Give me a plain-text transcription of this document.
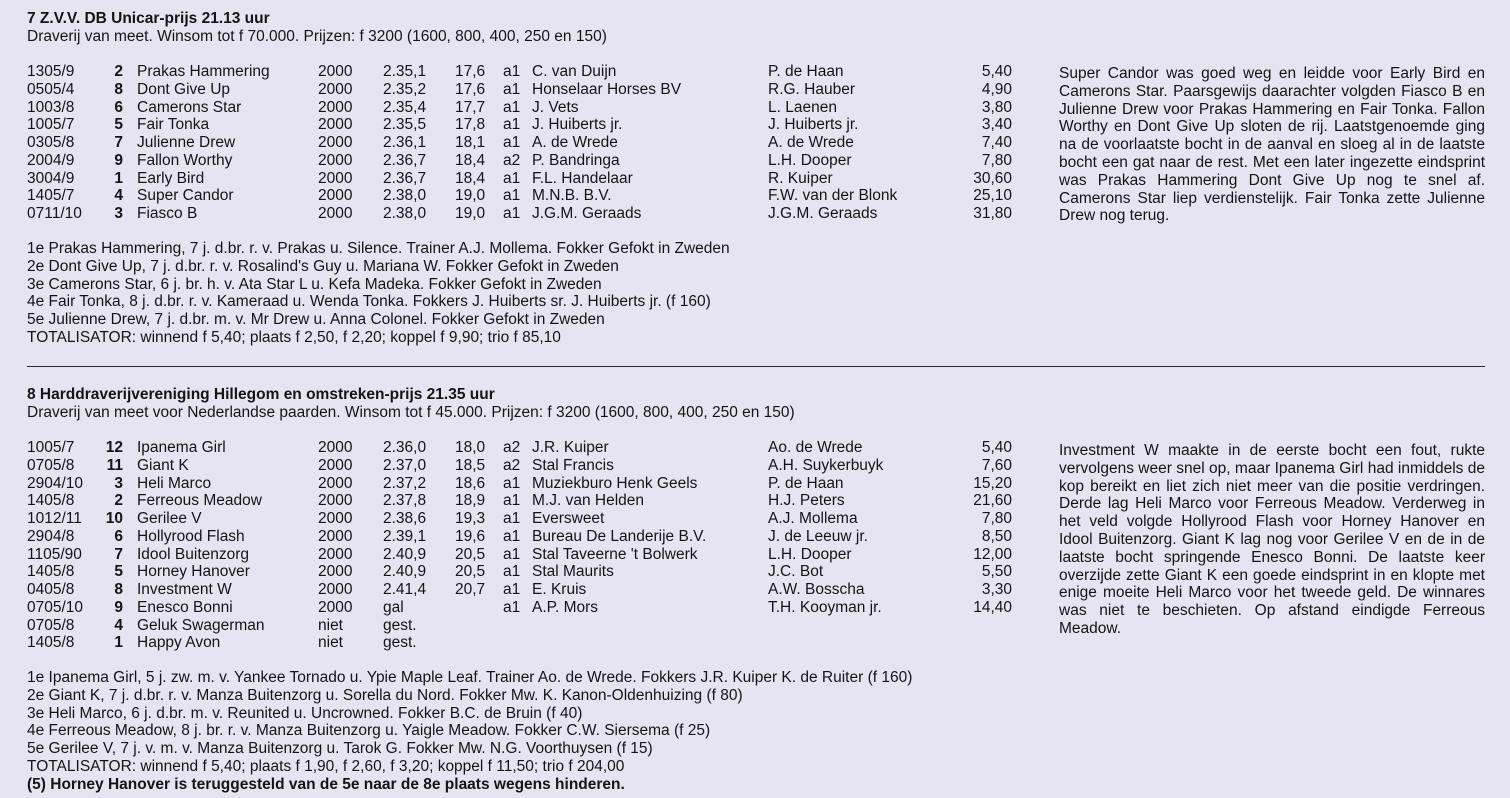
7 Z.V.V. DB Unicar-prijs 21.13 uur
Draverij van meet. Winsom tot f 70.000. Prijzen: f 3200 (1600, 800, 400, 250 en 150)
1305/9	2 Prakas Hammering	2000 2.35,1 17,6 a1 C. van Duijn	P. de Haan	5,40
0505/4	8 Dont Give Up	2000 2.35,2 17,6 a1 Honselaar Horses BV	R.G. Hauber	4,90
1003/8	6 Camerons Star	2000 2.35,4 17,7 a1 J. Vets	L. Laenen	3,80
1005/7	5 Fair Tonka	2000 2.35,5 17,8 a1 J. Huiberts jr.	J. Huiberts jr.	3,40
0305/8	7 Julienne Drew	2000 2.36,1 18,1 a1 A. de Wrede	A. de Wrede	7,40
2004/9	9 Fallon Worthy	2000 2.36,7 18,4 a2 P. Bandringa	L.H. Dooper	7,80
3004/9	1 Early Bird	2000 2.36,7 18,4 a1 F.L. Handelaar	R. Kuiper	30,60
1405/7	4 Super Candor	2000 2.38,0 19,0 a1 M.N.B. B.V.	F.W. van der Blonk	25,10
0711/10	3 Fiasco B	2000 2.38,0 19,0 a1 J.G.M. Geraads	J.G.M. Geraads	31,80
Super Candor was goed weg en leidde voor Early Bird en Camerons Star. Paarsgewijs daarachter volgden Fiasco B en Julienne Drew voor Prakas Hammering en Fair Tonka. Fallon Worthy en Dont Give Up sloten de rij. Laatstgenoemde ging na de voorlaatste bocht in de aanval en sloeg al in de laatste bocht een gat naar de rest. Met een later ingezette eindsprint was Prakas Hammering Dont Give Up nog te snel af. Camerons Star liep verdienstelijk. Fair Tonka zette Julienne Drew nog terug.
1e Prakas Hammering, 7 j. d.br. r. v. Prakas u. Silence. Trainer A.J. Mollema. Fokker Gefokt in Zweden
2e Dont Give Up, 7 j. d.br. r. v. Rosalind's Guy u. Mariana W. Fokker Gefokt in Zweden
3e Camerons Star, 6 j. br. h. v. Ata Star L u. Kefa Madeka. Fokker Gefokt in Zweden
4e Fair Tonka, 8 j. d.br. r. v. Kameraad u. Wenda Tonka. Fokkers J. Huiberts sr. J. Huiberts jr. (f 160)
5e Julienne Drew, 7 j. d.br. m. v. Mr Drew u. Anna Colonel. Fokker Gefokt in Zweden
TOTALISATOR: winnend f 5,40; plaats f 2,50, f 2,20; koppel f 9,90; trio f 85,10
8 Harddraverijvereniging Hillegom en omstreken-prijs 21.35 uur
Draverij van meet voor Nederlandse paarden. Winsom tot f 45.000. Prijzen: f 3200 (1600, 800, 400, 250 en 150)
1005/7	12 Ipanema Girl	2000 2.36,0 18,0 a2 J.R. Kuiper	Ao. de Wrede	5,40
0705/8	11 Giant K	2000 2.37,0 18,5 a2 Stal Francis	A.H. Suykerbuyk	7,60
2904/10	3 Heli Marco	2000 2.37,2 18,6 a1 Muziekburo Henk Geels	P. de Haan	15,20
1405/8	2 Ferreous Meadow	2000 2.37,8 18,9 a1 M.J. van Helden	H.J. Peters	21,60
1012/11	10 Gerilee V	2000 2.38,6 19,3 a1 Eversweet	A.J. Mollema	7,80
2904/8	6 Hollyrood Flash	2000 2.39,1 19,6 a1 Bureau De Landerije B.V.	J. de Leeuw jr.	8,50
1105/90	7 Idool Buitenzorg	2000 2.40,9 20,5 a1 Stal Taveerne 't Bolwerk	L.H. Dooper	12,00
1405/8	5 Horney Hanover	2000 2.40,9 20,5 a1 Stal Maurits	J.C. Bot	5,50
0405/8	8 Investment W	2000 2.41,4 20,7 a1 E. Kruis	A.W. Bosscha	3,30
0705/10	9 Enesco Bonni	2000 gal	a1 A.P. Mors	T.H. Kooyman jr.	14,40
0705/8	4 Geluk Swagerman	niet	gest.
1405/8	1 Happy Avon	niet	gest.
Investment W maakte in de eerste bocht een fout, rukte vervolgens weer snel op, maar Ipanema Girl had inmiddels de kop bereikt en liet zich niet meer van die positie verdringen. Derde lag Heli Marco voor Ferreous Meadow. Verderweg in het veld volgde Hollyrood Flash voor Horney Hanover en Idool Buitenzorg. Giant K lag nog voor Gerilee V en de in de laatste bocht springende Enesco Bonni. De laatste keer overzijde zette Giant K een goede eindsprint in en klopte met enige moeite Heli Marco voor het tweede geld. De winnares was niet te beschieten. Op afstand eindigde Ferreous Meadow.
1e Ipanema Girl, 5 j. zw. m. v. Yankee Tornado u. Ypie Maple Leaf. Trainer Ao. de Wrede. Fokkers J.R. Kuiper K. de Ruiter (f 160)
2e Giant K, 7 j. d.br. r. v. Manza Buitenzorg u. Sorella du Nord. Fokker Mw. K. Kanon-Oldenhuizing (f 80)
3e Heli Marco, 6 j. d.br. m. v. Reunited u. Uncrowned. Fokker B.C. de Bruin (f 40)
4e Ferreous Meadow, 8 j. br. r. v. Manza Buitenzorg u. Yaigle Meadow. Fokker C.W. Siersema (f 25)
5e Gerilee V, 7 j. v. m. v. Manza Buitenzorg u. Tarok G. Fokker Mw. N.G. Voorthuysen (f 15)
TOTALISATOR: winnend f 5,40; plaats f 1,90, f 2,60, f 3,20; koppel f 11,50; trio f 204,00
(5) Horney Hanover is teruggesteld van de 5e naar de 8e plaats wegens hinderen.
